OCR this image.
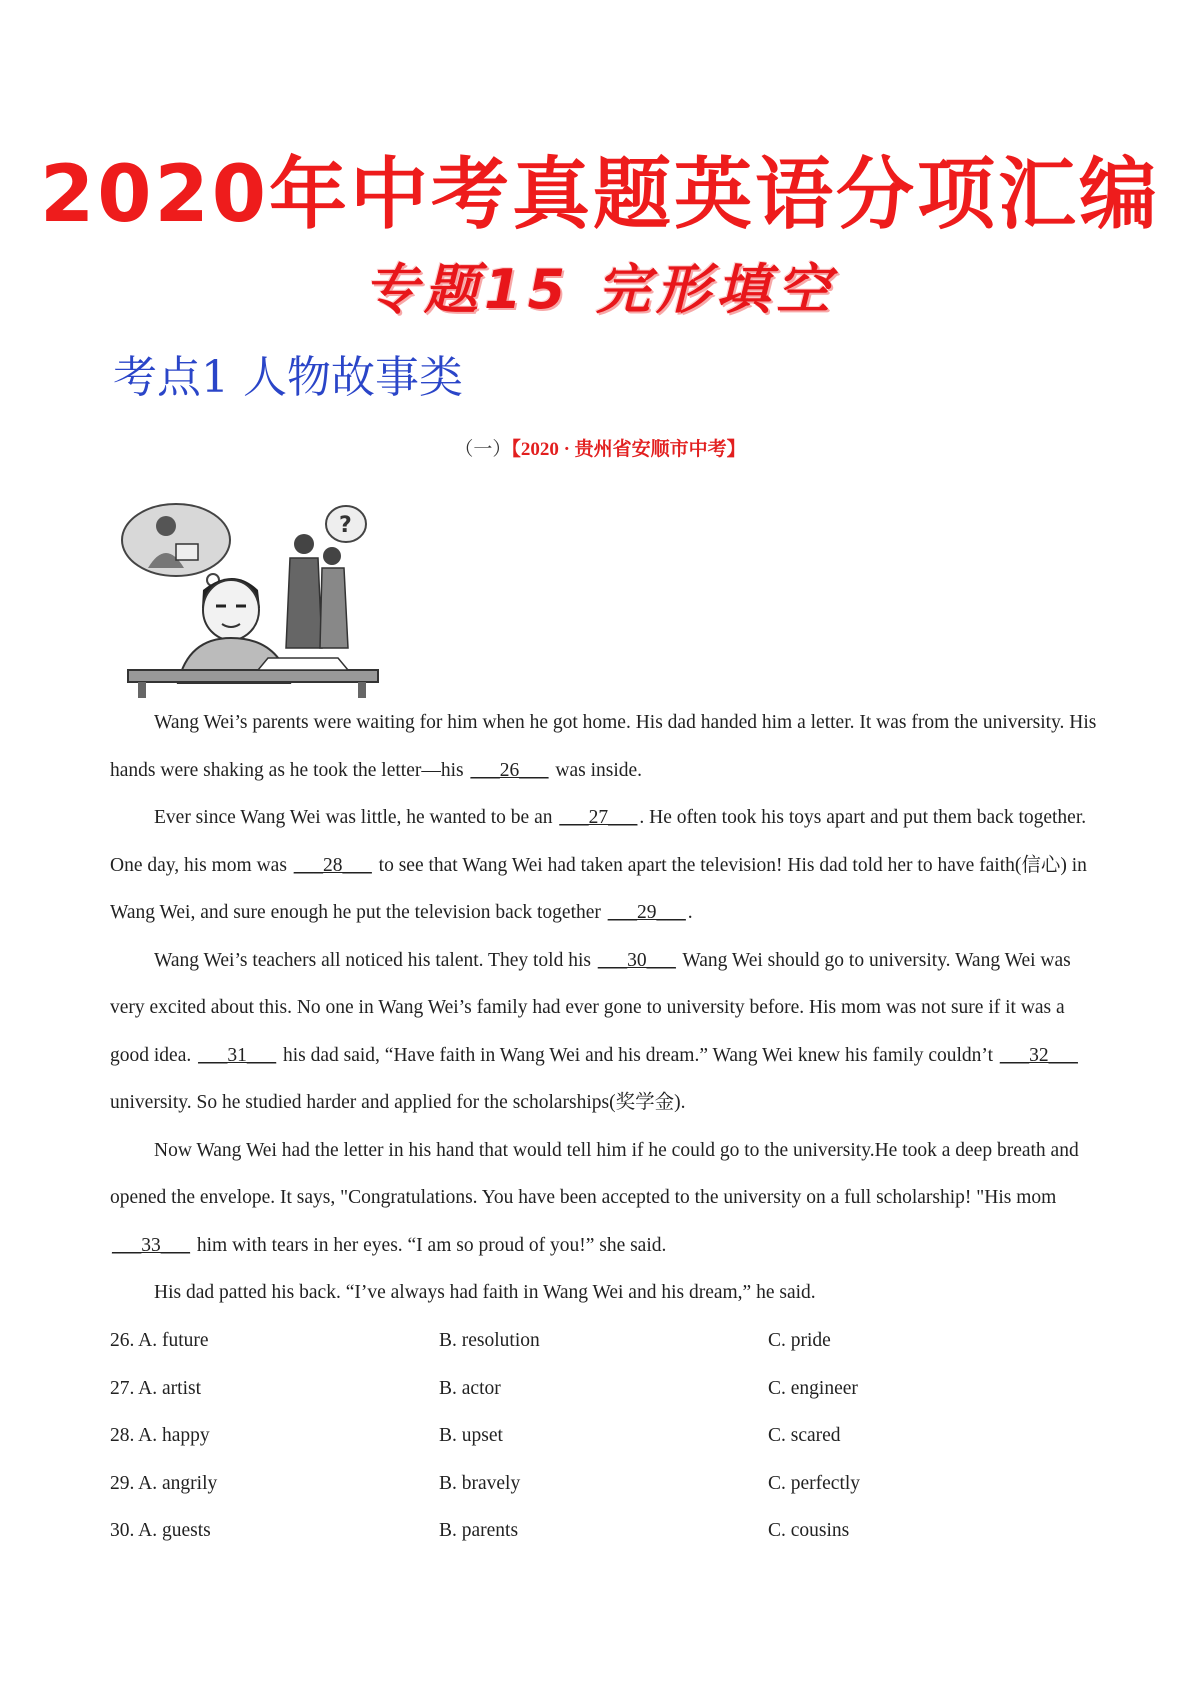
2020年中考真题英语分项汇编
专题15 完形填空
考点1 人物故事类
（一）【2020 · 贵州省安顺市中考】
?

Wang Wei’s parents were waiting for him when he got home. His dad handed him a letter. It was from the university. His hands were shaking as he took the letter—his ___26___ was inside.

Ever since Wang Wei was little, he wanted to be an ___27___ . He often took his toys apart and put them back together. One day, his mom was ___28___ to see that Wang Wei had taken apart the television! His dad told her to have faith(信心) in Wang Wei, and sure enough he put the television back together ___29___ .

Wang Wei’s teachers all noticed his talent. They told his ___30___ Wang Wei should go to university. Wang Wei was very excited about this. No one in Wang Wei’s family had ever gone to university before. His mom was not sure if it was a good idea. ___31___ his dad said, “Have faith in Wang Wei and his dream.” Wang Wei knew his family couldn’t ___32___ university. So he studied harder and applied for the scholarships(奖学金).

Now Wang Wei had the letter in his hand that would tell him if he could go to the university.He took a deep breath and opened the envelope. It says, "Congratulations. You have been accepted to the university on a full scholarship! "His mom ___33___ him with tears in her eyes. “I am so proud of you!” she said.

His dad patted his back. “I’ve always had faith in Wang Wei and his dream,” he said.

26. A. future	B. resolution	C. pride
27. A. artist	B. actor	C. engineer
28. A. happy	B. upset	C. scared
29. A. angrily	B. bravely	C. perfectly
30. A. guests	B. parents	C. cousins
